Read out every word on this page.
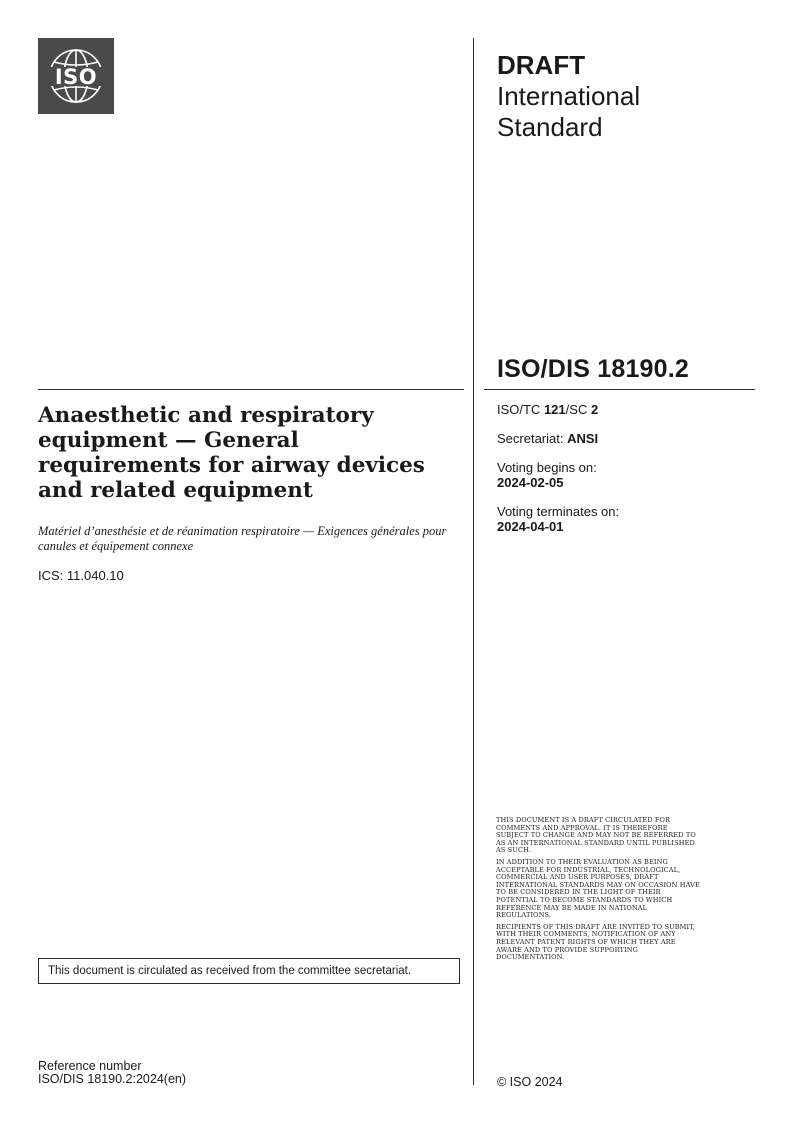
ISO	DRAFT
International
Standard
ISO/DIS 18190.2
Anaesthetic and respiratory equipment — General requirements for airway devices and related equipment
Matériel d’anesthésie et de réanimation respiratoire — Exigences générales pour canules et équipement connexe
ICS: 11.040.10
ISO/TC 121/SC 2
Secretariat: ANSI
Voting begins on:
2024-02-05
Voting terminates on:
2024-04-01

THIS DOCUMENT IS A DRAFT CIRCULATED FOR COMMENTS AND APPROVAL. IT IS THEREFORE SUBJECT TO CHANGE AND MAY NOT BE REFERRED TO AS AN INTERNATIONAL STANDARD UNTIL PUBLISHED AS SUCH.

IN ADDITION TO THEIR EVALUATION AS BEING ACCEPTABLE FOR INDUSTRIAL, TECHNOLOGICAL, COMMERCIAL AND USER PURPOSES, DRAFT INTERNATIONAL STANDARDS MAY ON OCCASION HAVE TO BE CONSIDERED IN THE LIGHT OF THEIR POTENTIAL TO BECOME STANDARDS TO WHICH REFERENCE MAY BE MADE IN NATIONAL REGULATIONS.

RECIPIENTS OF THIS DRAFT ARE INVITED TO SUBMIT, WITH THEIR COMMENTS, NOTIFICATION OF ANY RELEVANT PATENT RIGHTS OF WHICH THEY ARE AWARE AND TO PROVIDE SUPPORTING DOCUMENTATION.

This document is circulated as received from the committee secretariat.
Reference number
ISO/DIS 18190.2:2024(en)	© ISO 2024
